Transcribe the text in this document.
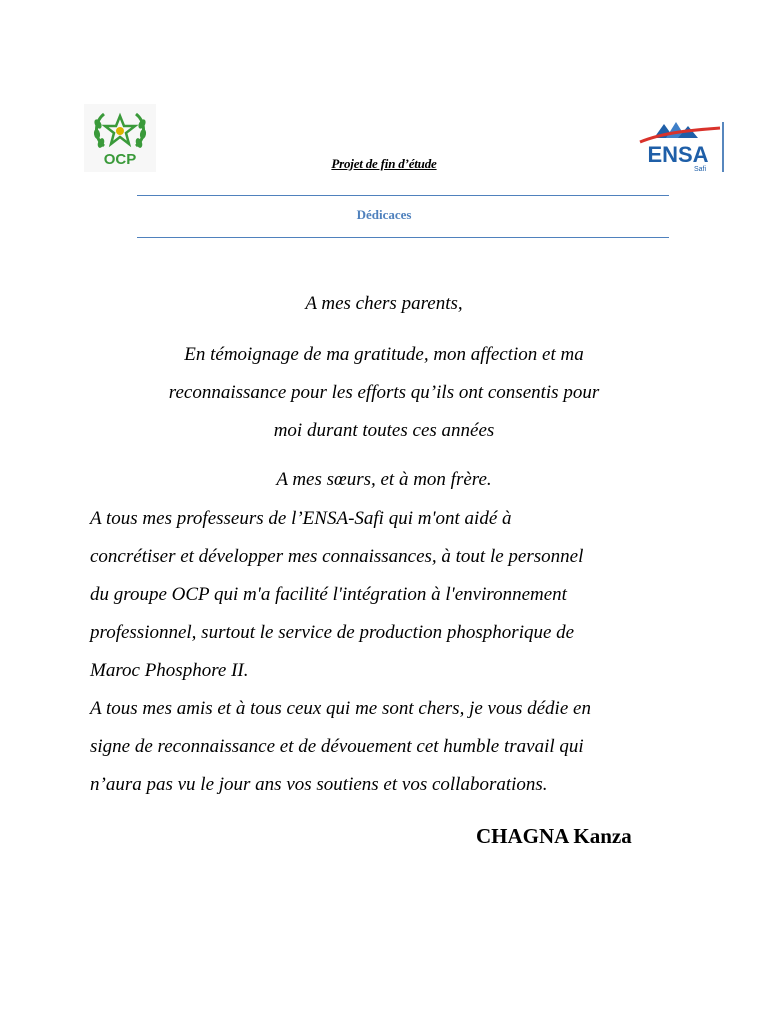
OCP	ENSA
Safi
Projet de fin d’étude
Dédicaces
A mes chers parents,
En témoignage de ma gratitude, mon affection et ma
reconnaissance pour les efforts qu’ils ont consentis pour
moi durant toutes ces années
A mes sœurs, et à mon frère.
A tous mes professeurs de l’ENSA-Safi qui m'ont aidé à
concrétiser et développer mes connaissances, à tout le personnel
du groupe OCP qui m'a facilité l'intégration à l'environnement
professionnel, surtout le service de production phosphorique de
Maroc Phosphore II.
A tous mes amis et à tous ceux qui me sont chers, je vous dédie en
signe de reconnaissance et de dévouement cet humble travail qui
n’aura pas vu le jour ans vos soutiens et vos collaborations.
CHAGNA Kanza
